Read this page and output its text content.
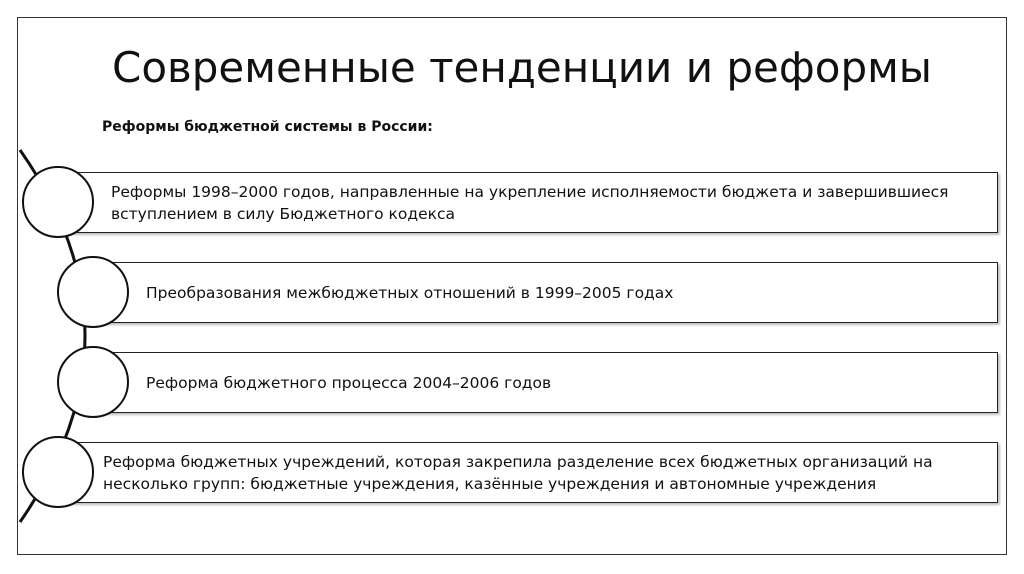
Современные тенденции и реформы
Реформы бюджетной системы в России:
Реформы 1998–2000 годов, направленные на укрепление исполняемости бюджета и завершившиеся вступлением в силу Бюджетного кодекса
Преобразования межбюджетных отношений в 1999–2005 годах
Реформа бюджетного процесса 2004–2006 годов
Реформа бюджетных учреждений, которая закрепила разделение всех бюджетных организаций на несколько групп: бюджетные учреждения, казённые учреждения и автономные учреждения
